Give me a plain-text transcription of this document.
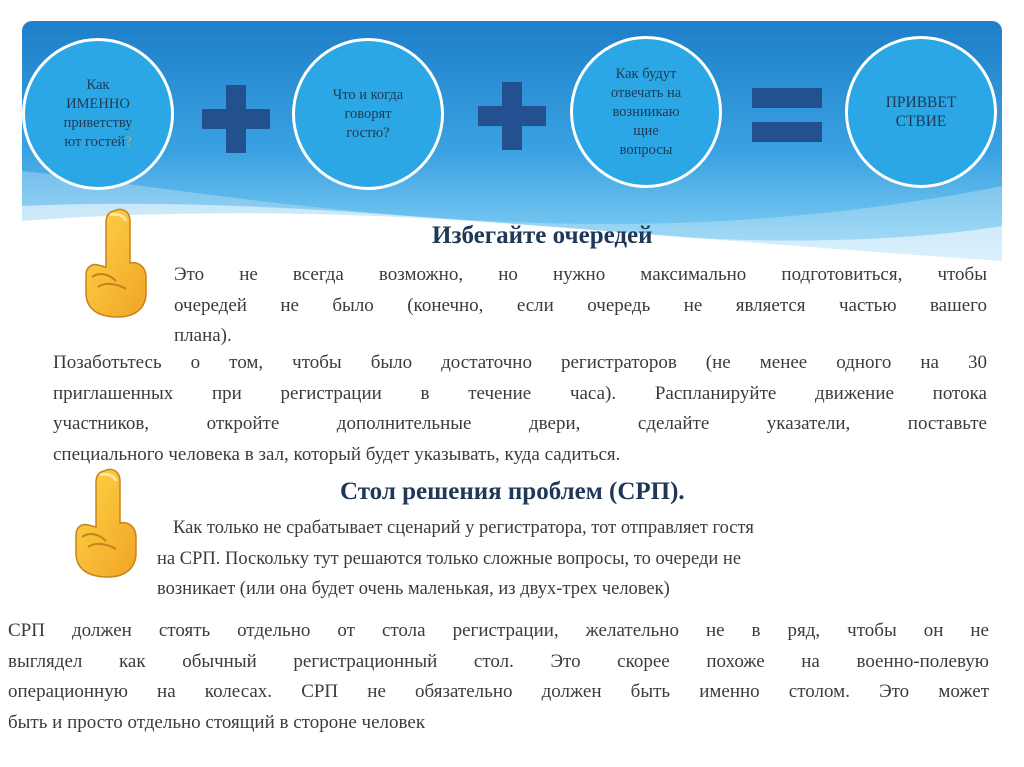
Как
ИМЕННО
приветству
ют гостей?
Что и когда
говорят
гостю?
Как будут
отвечать на
возниикаю
щие
вопросы
ПРИВВЕТ
СТВИЕ
Избегайте очередей
Это не всегда возможно, но нужно максимально подготовиться, чтобы
очередей не было (конечно, если очередь не является частью вашего
плана).
Позаботьтесь о том, чтобы было достаточно регистраторов (не менее одного на 30
приглашенных при регистрации в течение часа). Распланируйте движение потока
участников, откройте дополнительные двери, сделайте указатели, поставьте
специального человека в зал, который будет указывать, куда садиться.
Стол решения проблем (СРП).
Как только не срабатывает сценарий у регистратора, тот отправляет гостя
на СРП. Поскольку тут решаются только сложные вопросы, то очереди не
возникает (или она будет очень маленькая, из двух-трех человек)
СРП должен стоять отдельно от стола регистрации, желательно не в ряд, чтобы он не
выглядел как обычный регистрационный стол. Это скорее похоже на военно-полевую
операционную на колесах. СРП не обязательно должен быть именно столом. Это может
быть и просто отдельно стоящий в стороне человек
